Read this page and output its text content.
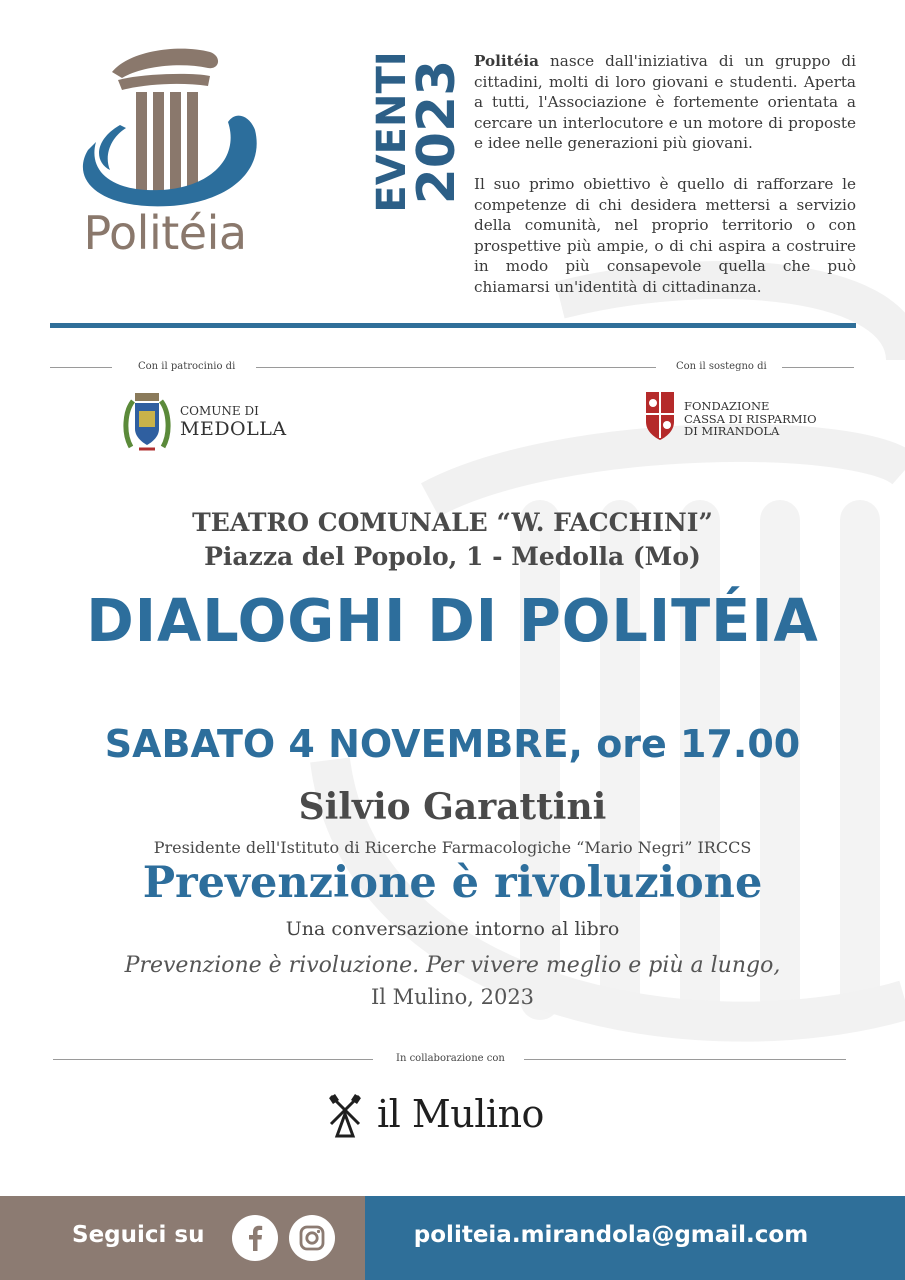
Politéia
EVENTI
2023 Politéia nasce dall'iniziativa di un gruppo di cittadini, molti di loro giovani e studenti. Aperta a tutti, l'Associazione è fortemente orientata a cercare un interlocutore e un motore di proposte e idee nelle generazioni più giovani.
Il suo primo obiettivo è quello di rafforzare le competenze di chi desidera mettersi a servizio della comunità, nel proprio territorio o con prospettive più ampie, o di chi aspira a costruire in modo più consapevole quella che può chiamarsi un'identità di cittadinanza.
Con il patrocinio di	Con il sostegno di
COMUNE DI
MEDOLLA
FONDAZIONE
CASSA DI RISPARMIO
DI MIRANDOLA
TEATRO COMUNALE “W. FACCHINI”
Piazza del Popolo, 1 - Medolla (Mo)
DIALOGHI DI POLITÉIA
SABATO 4 NOVEMBRE, ore 17.00
Silvio Garattini
Presidente dell'Istituto di Ricerche Farmacologiche “Mario Negri” IRCCS
Prevenzione è rivoluzione
Una conversazione intorno al libro
Prevenzione è rivoluzione. Per vivere meglio e più a lungo,
Il Mulino, 2023
In collaborazione con
il Mulino
Seguici su	politeia.mirandola@gmail.com
